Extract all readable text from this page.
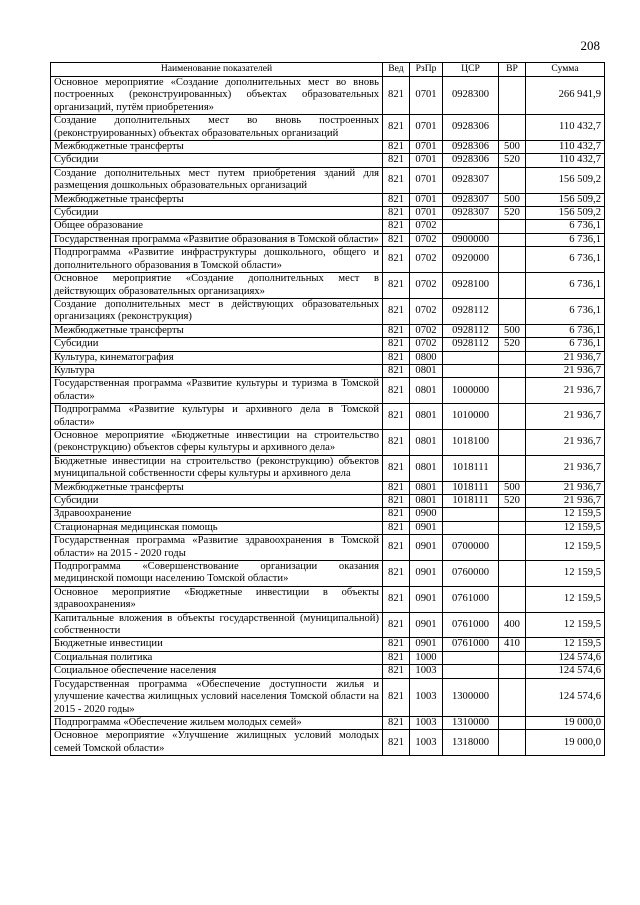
208
Наименование показателей	Вед	РзПр	ЦСР	ВР	Сумма
Основное мероприятие «Создание дополнительных мест во вновь построенных (реконструированных) объектах образовательных организаций, путём приобретения»	821	0701	0928300		266 941,9
Создание дополнительных мест во вновь построенных (реконструированных) объектах образовательных организаций	821	0701	0928306		110 432,7
Межбюджетные трансферты	821	0701	0928306	500	110 432,7
Субсидии	821	0701	0928306	520	110 432,7
Создание дополнительных мест путем приобретения зданий для размещения дошкольных образовательных организаций	821	0701	0928307		156 509,2
Межбюджетные трансферты	821	0701	0928307	500	156 509,2
Субсидии	821	0701	0928307	520	156 509,2
Общее образование	821	0702			6 736,1
Государственная программа «Развитие образования в Томской области»	821	0702	0900000		6 736,1
Подпрограмма «Развитие инфраструктуры дошкольного, общего и дополнительного образования в Томской области»	821	0702	0920000		6 736,1
Основное мероприятие «Создание дополнительных мест в действующих образовательных организациях»	821	0702	0928100		6 736,1
Создание дополнительных мест в действующих образовательных организациях (реконструкция)	821	0702	0928112		6 736,1
Межбюджетные трансферты	821	0702	0928112	500	6 736,1
Субсидии	821	0702	0928112	520	6 736,1
Культура, кинематография	821	0800			21 936,7
Культура	821	0801			21 936,7
Государственная программа «Развитие культуры и туризма в Томской области»	821	0801	1000000		21 936,7
Подпрограмма «Развитие культуры и архивного дела в Томской области»	821	0801	1010000		21 936,7
Основное мероприятие «Бюджетные инвестиции на строительство (реконструкцию) объектов сферы культуры и архивного дела»	821	0801	1018100		21 936,7
Бюджетные инвестиции на строительство (реконструкцию) объектов муниципальной собственности сферы культуры и архивного дела	821	0801	1018111		21 936,7
Межбюджетные трансферты	821	0801	1018111	500	21 936,7
Субсидии	821	0801	1018111	520	21 936,7
Здравоохранение	821	0900			12 159,5
Стационарная медицинская помощь	821	0901			12 159,5
Государственная программа «Развитие здравоохранения в Томской области» на 2015 - 2020 годы	821	0901	0700000		12 159,5
Подпрограмма «Совершенствование организации оказания медицинской помощи населению Томской области»	821	0901	0760000		12 159,5
Основное мероприятие «Бюджетные инвестиции в объекты здравоохранения»	821	0901	0761000		12 159,5
Капитальные вложения в объекты государственной (муниципальной) собственности	821	0901	0761000	400	12 159,5
Бюджетные инвестиции	821	0901	0761000	410	12 159,5
Социальная политика	821	1000			124 574,6
Социальное обеспечение населения	821	1003			124 574,6
Государственная программа «Обеспечение доступности жилья и улучшение качества жилищных условий населения Томской области на 2015 - 2020 годы»	821	1003	1300000		124 574,6
Подпрограмма «Обеспечение жильем молодых семей»	821	1003	1310000		19 000,0
Основное мероприятие «Улучшение жилищных условий молодых семей Томской области»	821	1003	1318000		19 000,0
